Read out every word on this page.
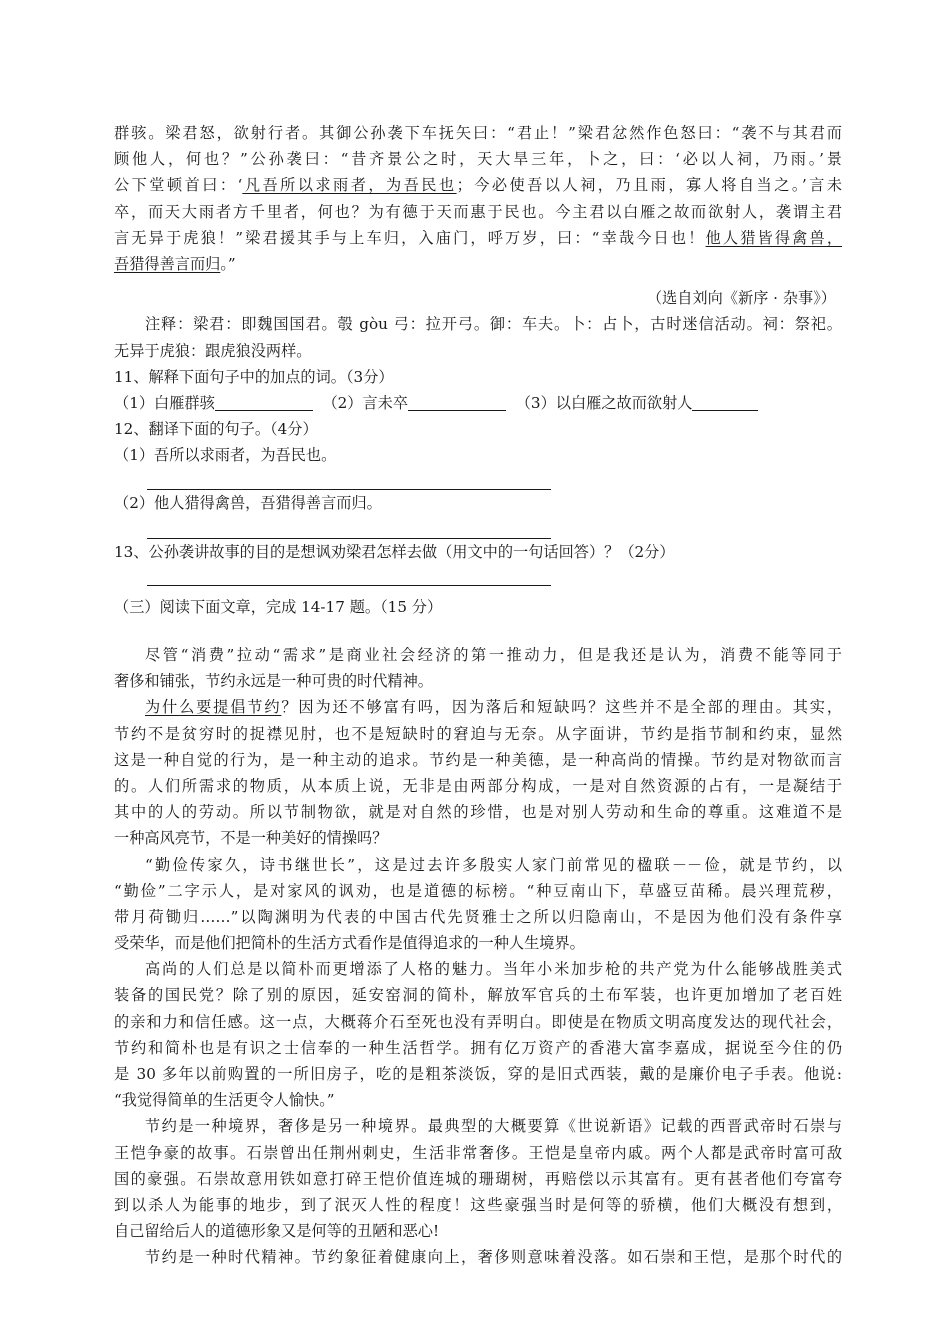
群骇。梁君怒，欲射行者。其御公孙袭下车抚矢曰：“君止！”梁君忿然作色怒曰：“袭不与其君而
顾他人，何也？”公孙袭曰：“昔齐景公之时，天大旱三年，卜之，曰：‘必以人祠，乃雨。’景
公下堂顿首曰：‘凡吾所以求雨者，为吾民也；今必使吾以人祠，乃且雨，寡人将自当之。’言未
卒，而天大雨者方千里者，何也？为有德于天而惠于民也。今主君以白雁之故而欲射人，袭谓主君
言无异于虎狼！”梁君援其手与上车归，入庙门，呼万岁，曰：“幸哉今日也！他人猎皆得禽兽，
吾猎得善言而归。”
（选自刘向《新序 · 杂事》）
注释：梁君：即魏国国君。彀 gòu 弓：拉开弓。御：车夫。卜：占卜，古时迷信活动。祠：祭祀。
无异于虎狼：跟虎狼没两样。
11、解释下面句子中的加点的词。（3分）
（1）白雁群骇	（2）言未卒	（3）以白雁之故而欲射人
12、翻译下面的句子。（4分）
（1）吾所以求雨者，为吾民也。
（2）他人猎得禽兽，吾猎得善言而归。
13、公孙袭讲故事的目的是想讽劝梁君怎样去做（用文中的一句话回答）？（2分）
（三）阅读下面文章，完成 14-17 题。（15 分）
尽管“消费”拉动“需求”是商业社会经济的第一推动力，但是我还是认为，消费不能等同于
奢侈和铺张，节约永远是一种可贵的时代精神。
为什么要提倡节约？因为还不够富有吗，因为落后和短缺吗？这些并不是全部的理由。其实，
节约不是贫穷时的捉襟见肘，也不是短缺时的窘迫与无奈。从字面讲，节约是指节制和约束，显然
这是一种自觉的行为，是一种主动的追求。节约是一种美德，是一种高尚的情操。节约是对物欲而言
的。人们所需求的物质，从本质上说，无非是由两部分构成，一是对自然资源的占有，一是凝结于
其中的人的劳动。所以节制物欲，就是对自然的珍惜，也是对别人劳动和生命的尊重。这难道不是
一种高风亮节，不是一种美好的情操吗？
“勤俭传家久，诗书继世长”，这是过去许多殷实人家门前常见的楹联－－俭，就是节约，以
“勤俭”二字示人，是对家风的讽劝，也是道德的标榜。“种豆南山下，草盛豆苗稀。晨兴理荒秽，
带月荷锄归……”以陶渊明为代表的中国古代先贤雅士之所以归隐南山，不是因为他们没有条件享
受荣华，而是他们把简朴的生活方式看作是值得追求的一种人生境界。
高尚的人们总是以简朴而更增添了人格的魅力。当年小米加步枪的共产党为什么能够战胜美式
装备的国民党？除了别的原因，延安窑洞的简朴，解放军官兵的土布军装，也许更加增加了老百姓
的亲和力和信任感。这一点，大概蒋介石至死也没有弄明白。即使是在物质文明高度发达的现代社会，
节约和简朴也是有识之士信奉的一种生活哲学。拥有亿万资产的香港大富李嘉成，据说至今住的仍
是 30 多年以前购置的一所旧房子，吃的是粗茶淡饭，穿的是旧式西装，戴的是廉价电子手表。他说:
“我觉得简单的生活更令人愉快。”
节约是一种境界，奢侈是另一种境界。最典型的大概要算《世说新语》记载的西晋武帝时石崇与
王恺争豪的故事。石崇曾出任荆州刺史，生活非常奢侈。王恺是皇帝内戚。两个人都是武帝时富可敌
国的豪强。石崇故意用铁如意打碎王恺价值连城的珊瑚树，再赔偿以示其富有。更有甚者他们夸富夸
到以杀人为能事的地步，到了泯灭人性的程度！这些豪强当时是何等的骄横，他们大概没有想到，
自己留给后人的道德形象又是何等的丑陋和恶心!
节约是一种时代精神。节约象征着健康向上，奢侈则意味着没落。如石崇和王恺，是那个时代的
